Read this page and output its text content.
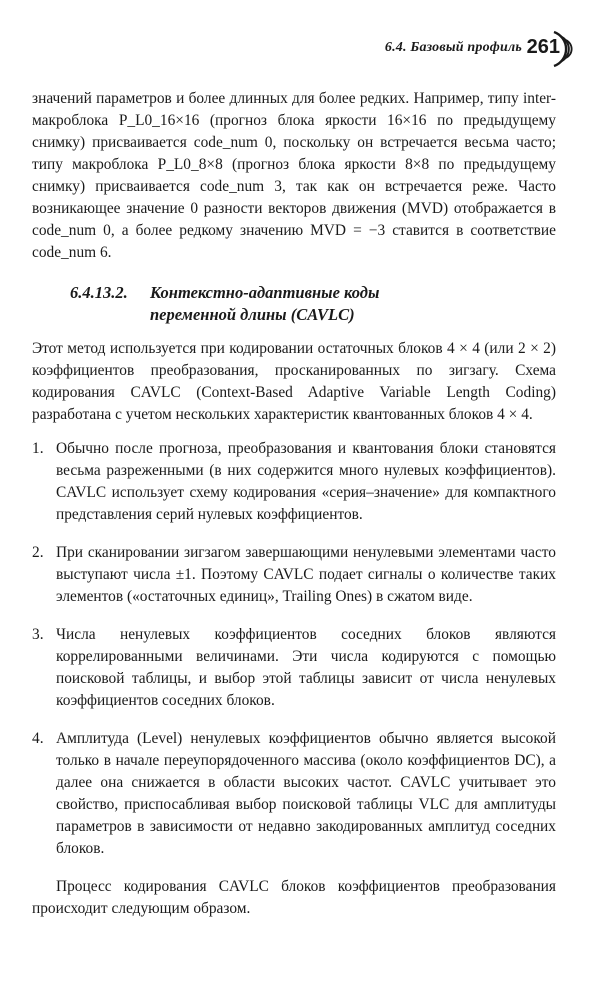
6.4. Базовый профиль 261

значений параметров и более длинных для более редких. Например, типу inter-макроблока P_L0_16×16 (прогноз блока яркости 16×16 по предыдущему снимку) присваивается code_num 0, поскольку он встречается весьма часто; типу макроблока P_L0_8×8 (прогноз блока яркости 8×8 по предыдущему снимку) присваивается code_num 3, так как он встречается реже. Часто возникающее значение 0 разности векторов движения (MVD) отображается в code_num 0, а более редкому значению MVD = −3 ставится в соответствие code_num 6.

6.4.13.2. Контекстно-адаптивные коды
переменной длины (CAVLC)

Этот метод используется при кодировании остаточных блоков 4 × 4 (или 2 × 2) коэффициентов преобразования, просканированных по зигзагу. Схема кодирования CAVLC (Context-Based Adaptive Variable Length Coding) разработана с учетом нескольких характеристик квантованных блоков 4 × 4.

1. Обычно после прогноза, преобразования и квантования блоки становятся весьма разреженными (в них содержится много нулевых коэффициентов). CAVLC использует схему кодирования «серия–значение» для компактного представления серий нулевых коэффициентов.
2. При сканировании зигзагом завершающими ненулевыми элементами часто выступают числа ±1. Поэтому CAVLC подает сигналы о количестве таких элементов («остаточных единиц», Trailing Ones) в сжатом виде.
3. Числа ненулевых коэффициентов соседних блоков являются коррелированными величинами. Эти числа кодируются с помощью поисковой таблицы, и выбор этой таблицы зависит от числа ненулевых коэффициентов соседних блоков.
4. Амплитуда (Level) ненулевых коэффициентов обычно является высокой только в начале переупорядоченного массива (около коэффициентов DC), а далее она снижается в области высоких частот. CAVLC учитывает это свойство, приспосабливая выбор поисковой таблицы VLC для амплитуды параметров в зависимости от недавно закодированных амплитуд соседних блоков.

Процесс кодирования CAVLC блоков коэффициентов преобразования происходит следующим образом.
